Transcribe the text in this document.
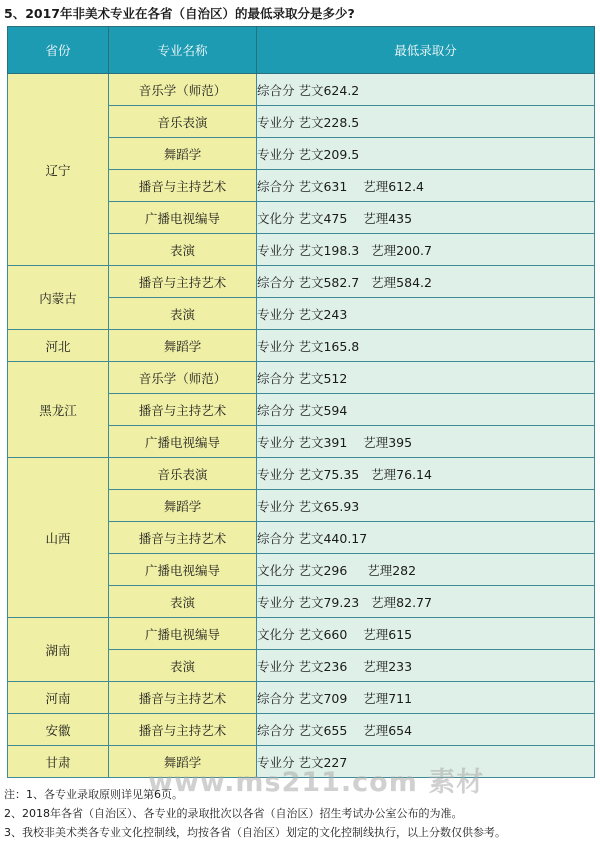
5、2017年非美术专业在各省（自治区）的最低录取分是多少?
省份	专业名称	最低录取分
辽宁	音乐学（师范）	综合分 艺文624.2
	音乐表演	专业分 艺文228.5
	舞蹈学	专业分 艺文209.5
	播音与主持艺术	综合分 艺文631    艺理612.4
	广播电视编导	文化分 艺文475    艺理435
	表演	专业分 艺文198.3   艺理200.7
内蒙古	播音与主持艺术	综合分 艺文582.7   艺理584.2
	表演	专业分 艺文243
河北	舞蹈学	专业分 艺文165.8
黑龙江	音乐学（师范）	综合分 艺文512
	播音与主持艺术	综合分 艺文594
	广播电视编导	专业分 艺文391    艺理395
山西	音乐表演	专业分 艺文75.35   艺理76.14
	舞蹈学	专业分 艺文65.93
	播音与主持艺术	综合分 艺文440.17
	广播电视编导	文化分 艺文296     艺理282
	表演	专业分 艺文79.23   艺理82.77
湖南	广播电视编导	文化分 艺文660    艺理615
	表演	专业分 艺文236    艺理233
河南	播音与主持艺术	综合分 艺文709    艺理711
安徽	播音与主持艺术	综合分 艺文655    艺理654
甘肃	舞蹈学	专业分 艺文227
www.ms211.com 素材
注：1、各专业录取原则详见第6页。
2、2018年各省（自治区）、各专业的录取批次以各省（自治区）招生考试办公室公布的为准。
3、我校非美术类各专业文化控制线，均按各省（自治区）划定的文化控制线执行，以上分数仅供参考。
